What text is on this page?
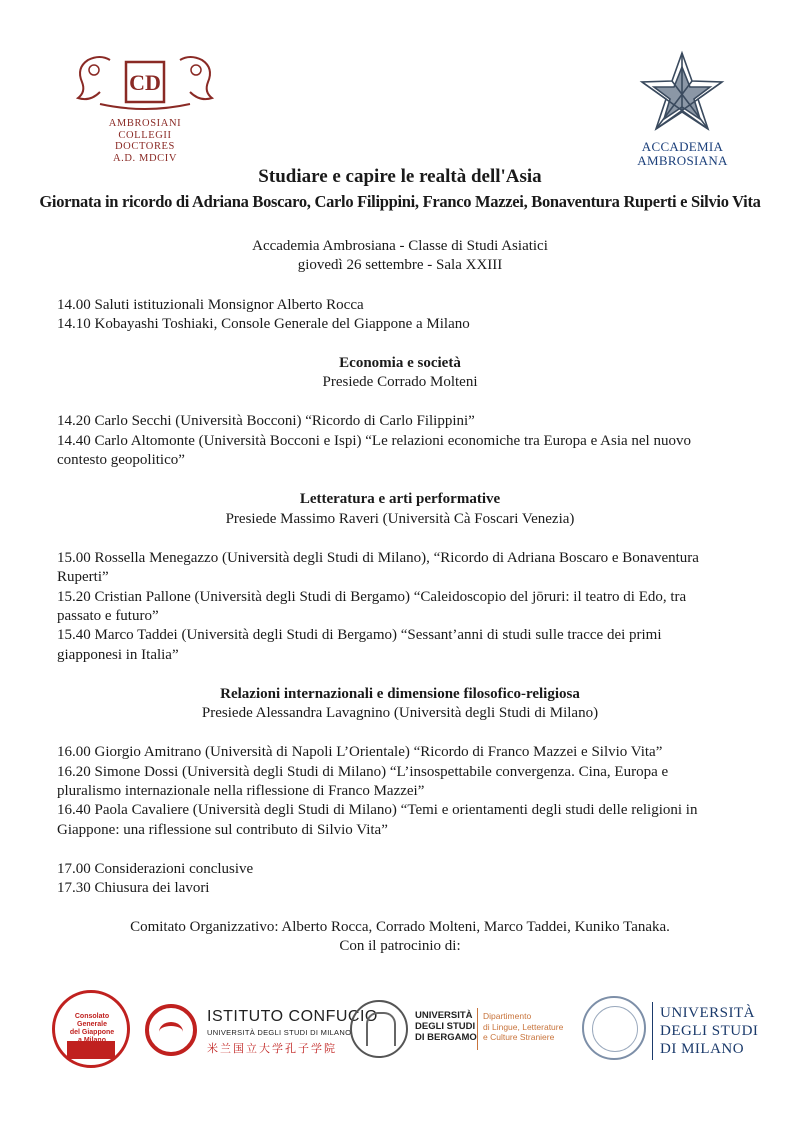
CD
AMBROSIANI
COLLEGII
DOCTORES
A.D. MDCIV
ACCADEMIA
AMBROSIANA
Studiare e capire le realtà dell'Asia
Giornata in ricordo di Adriana Boscaro, Carlo Filippini, Franco Mazzei, Bonaventura Ruperti e Silvio Vita
Accademia Ambrosiana - Classe di Studi Asiatici
giovedì 26 settembre - Sala XXIII
14.00 Saluti istituzionali Monsignor Alberto Rocca
14.10 Kobayashi Toshiaki, Console Generale del Giappone a Milano
Economia e società
Presiede Corrado Molteni
14.20 Carlo Secchi (Università Bocconi) “Ricordo di Carlo Filippini”
14.40 Carlo Altomonte (Università Bocconi e Ispi) “Le relazioni economiche tra Europa e Asia nel nuovo
contesto geopolitico”
Letteratura e arti performative
Presiede Massimo Raveri (Università Cà Foscari Venezia)
15.00 Rossella Menegazzo (Università degli Studi di Milano), “Ricordo di Adriana Boscaro e Bonaventura
Ruperti”
15.20 Cristian Pallone (Università degli Studi di Bergamo) “Caleidoscopio del jōruri: il teatro di Edo, tra
passato e futuro”
15.40 Marco Taddei (Università degli Studi di Bergamo) “Sessant’anni di studi sulle tracce dei primi
giapponesi in Italia”
Relazioni internazionali e dimensione filosofico-religiosa
Presiede Alessandra Lavagnino (Università degli Studi di Milano)
16.00 Giorgio Amitrano (Università di Napoli L’Orientale) “Ricordo di Franco Mazzei e Silvio Vita”
16.20 Simone Dossi (Università degli Studi di Milano) “L’insospettabile convergenza. Cina, Europa e
pluralismo internazionale nella riflessione di Franco Mazzei”
16.40 Paola Cavaliere (Università degli Studi di Milano) “Temi e orientamenti degli studi delle religioni in
Giappone: una riflessione sul contributo di Silvio Vita”
17.00 Considerazioni conclusive
17.30 Chiusura dei lavori
Comitato Organizzativo: Alberto Rocca, Corrado Molteni, Marco Taddei, Kuniko Tanaka.
Con il patrocinio di:
Consolato
Generale
del Giappone
ISTITUTO CONFUCIO
UNIVERSITÀ DEGLI STUDI DI MILANO
米兰国立大学孔子学院
UNIVERSITÀ
DEGLI STUDI
DI BERGAMO
Dipartimento
di Lingue, Letterature
e Culture Straniere
UNIVERSITÀ
DEGLI STUDI
DI MILANO
